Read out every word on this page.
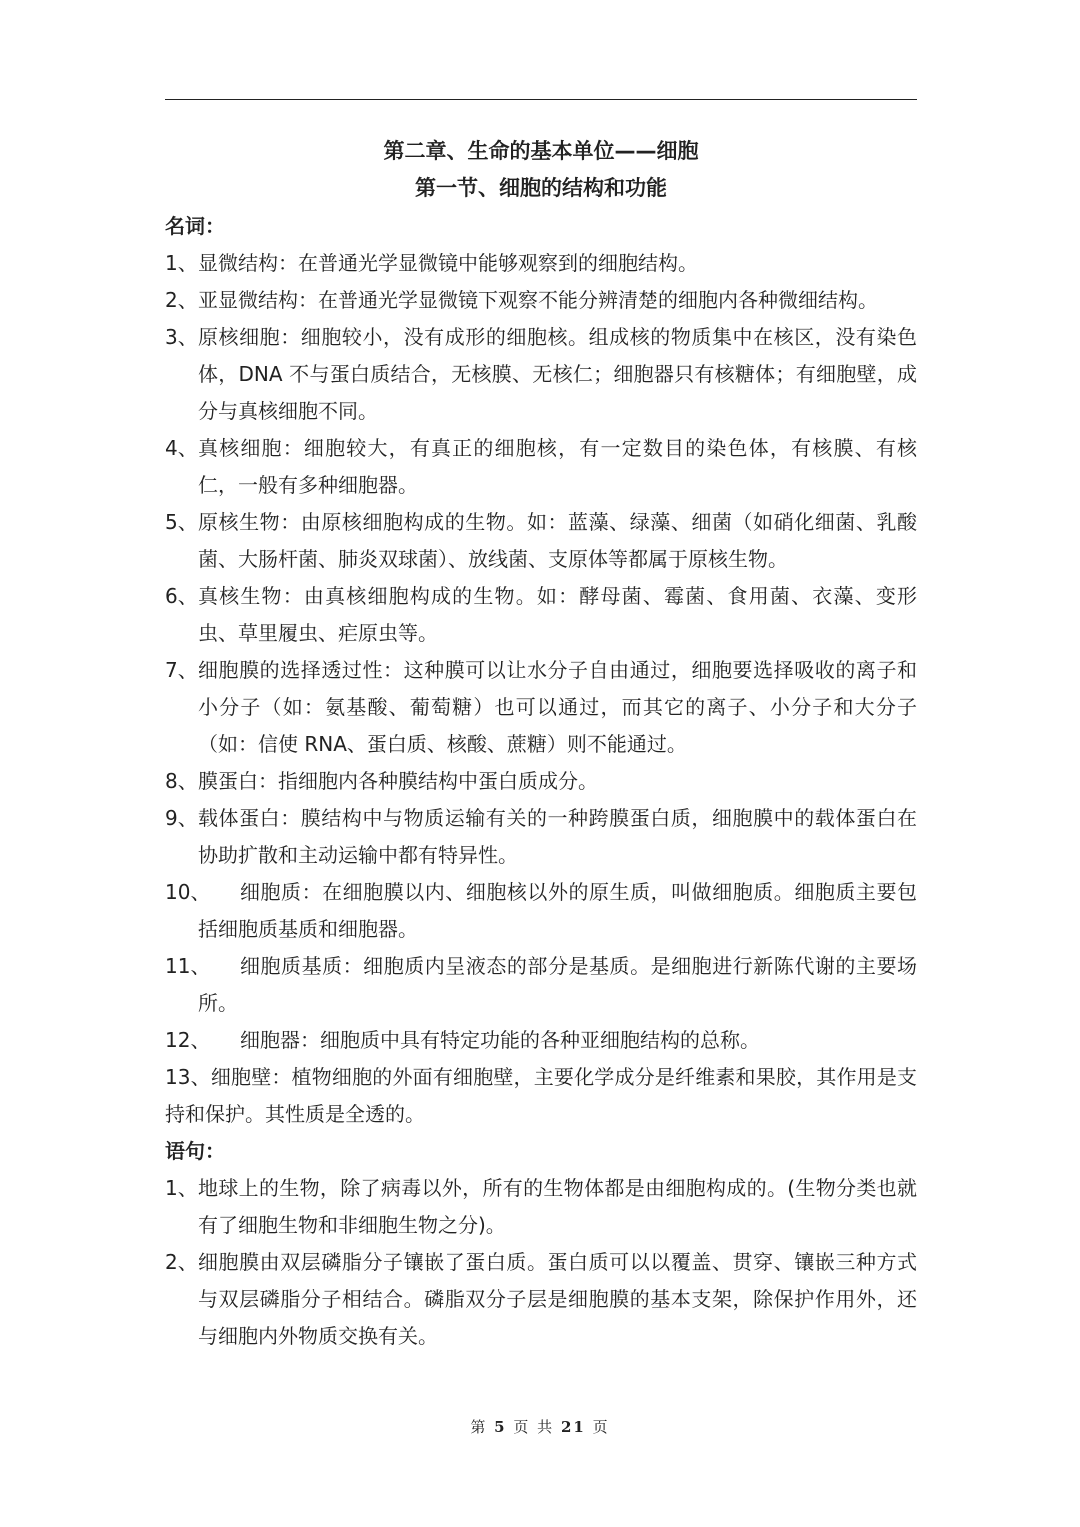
第二章、生命的基本单位——细胞
第一节、细胞的结构和功能
名词：
1、 显微结构：在普通光学显微镜中能够观察到的细胞结构。
2、 亚显微结构：在普通光学显微镜下观察不能分辨清楚的细胞内各种微细结构。
3、 原核细胞：细胞较小，没有成形的细胞核。组成核的物质集中在核区，没有染色体，DNA 不与蛋白质结合，无核膜、无核仁；细胞器只有核糖体；有细胞壁，成分与真核细胞不同。
4、 真核细胞：细胞较大，有真正的细胞核，有一定数目的染色体，有核膜、有核仁，一般有多种细胞器。
5、 原核生物：由原核细胞构成的生物。如：蓝藻、绿藻、细菌（如硝化细菌、乳酸菌、大肠杆菌、肺炎双球菌）、放线菌、支原体等都属于原核生物。
6、 真核生物：由真核细胞构成的生物。如：酵母菌、霉菌、食用菌、衣藻、变形虫、草里履虫、疟原虫等。
7、 细胞膜的选择透过性：这种膜可以让水分子自由通过，细胞要选择吸收的离子和小分子（如：氨基酸、葡萄糖）也可以通过，而其它的离子、小分子和大分子（如：信使 RNA、蛋白质、核酸、蔗糖）则不能通过。
8、 膜蛋白：指细胞内各种膜结构中蛋白质成分。
9、 载体蛋白：膜结构中与物质运输有关的一种跨膜蛋白质，细胞膜中的载体蛋白在协助扩散和主动运输中都有特异性。
10、 细胞质：在细胞膜以内、细胞核以外的原生质，叫做细胞质。细胞质主要包括细胞质基质和细胞器。
11、 细胞质基质：细胞质内呈液态的部分是基质。是细胞进行新陈代谢的主要场所。
12、 细胞器：细胞质中具有特定功能的各种亚细胞结构的总称。
13、细胞壁：植物细胞的外面有细胞壁，主要化学成分是纤维素和果胶，其作用是支持和保护。其性质是全透的。
语句：
1、 地球上的生物，除了病毒以外，所有的生物体都是由细胞构成的。(生物分类也就有了细胞生物和非细胞生物之分)。
2、 细胞膜由双层磷脂分子镶嵌了蛋白质。蛋白质可以以覆盖、贯穿、镶嵌三种方式与双层磷脂分子相结合。磷脂双分子层是细胞膜的基本支架，除保护作用外，还与细胞内外物质交换有关。
第 5 页 共 21 页
